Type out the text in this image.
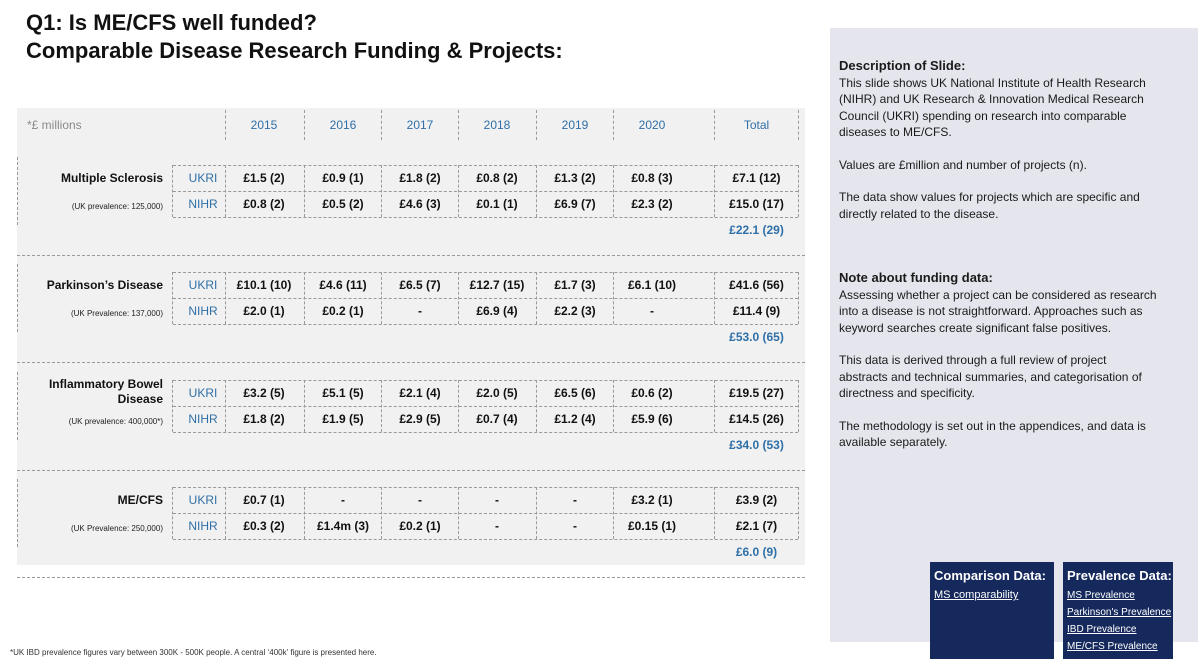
Q1: Is ME/CFS well funded?
Comparable Disease Research Funding & Projects:
*£ millions	2015	2016	2017	2018	2019	2020	Total
Multiple Sclerosis
(UK prevalence: 125,000)
UKRI	£1.5 (2)	£0.9 (1)	£1.8 (2)	£0.8 (2)	£1.3 (2)	£0.8 (3)	£7.1 (12)
NIHR	£0.8 (2)	£0.5 (2)	£4.6 (3)	£0.1 (1)	£6.9 (7)	£2.3 (2)	£15.0 (17)
£22.1 (29)
Parkinson’s Disease
(UK Prevalence: 137,000)
UKRI	£10.1 (10)	£4.6 (11)	£6.5 (7)	£12.7 (15)	£1.7 (3)	£6.1 (10)	£41.6 (56)
NIHR	£2.0 (1)	£0.2 (1)	-	£6.9 (4)	£2.2 (3)	-	£11.4 (9)
£53.0 (65)
Inflammatory Bowel Disease
(UK prevalence: 400,000*)
UKRI	£3.2 (5)	£5.1 (5)	£2.1 (4)	£2.0 (5)	£6.5 (6)	£0.6 (2)	£19.5 (27)
NIHR	£1.8 (2)	£1.9 (5)	£2.9 (5)	£0.7 (4)	£1.2 (4)	£5.9 (6)	£14.5 (26)
£34.0 (53)
ME/CFS
(UK Prevalence: 250,000)
UKRI	£0.7 (1)	-	-	-	-	£3.2 (1)	£3.9 (2)
NIHR	£0.3 (2)	£1.4m (3)	£0.2 (1)	-	-	£0.15 (1)	£2.1 (7)
£6.0 (9)
*UK IBD prevalence figures vary between 300K - 500K people. A central ‘400k’ figure is presented here.
Description of Slide:
This slide shows UK National Institute of Health Research (NIHR) and UK Research & Innovation Medical Research Council (UKRI) spending on research into comparable diseases to ME/CFS.
Values are £million and number of projects (n).
The data show values for projects which are specific and directly related to the disease.
Note about funding data:
Assessing whether a project can be considered as research into a disease is not straightforward. Approaches such as keyword searches create significant false positives.
This data is derived through a full review of project abstracts and technical summaries, and categorisation of directness and specificity.
The methodology is set out in the appendices, and data is available separately.
Comparison Data:
MS comparability
Prevalence Data:
MS Prevalence
Parkinson's Prevalence
IBD Prevalence
ME/CFS Prevalence
